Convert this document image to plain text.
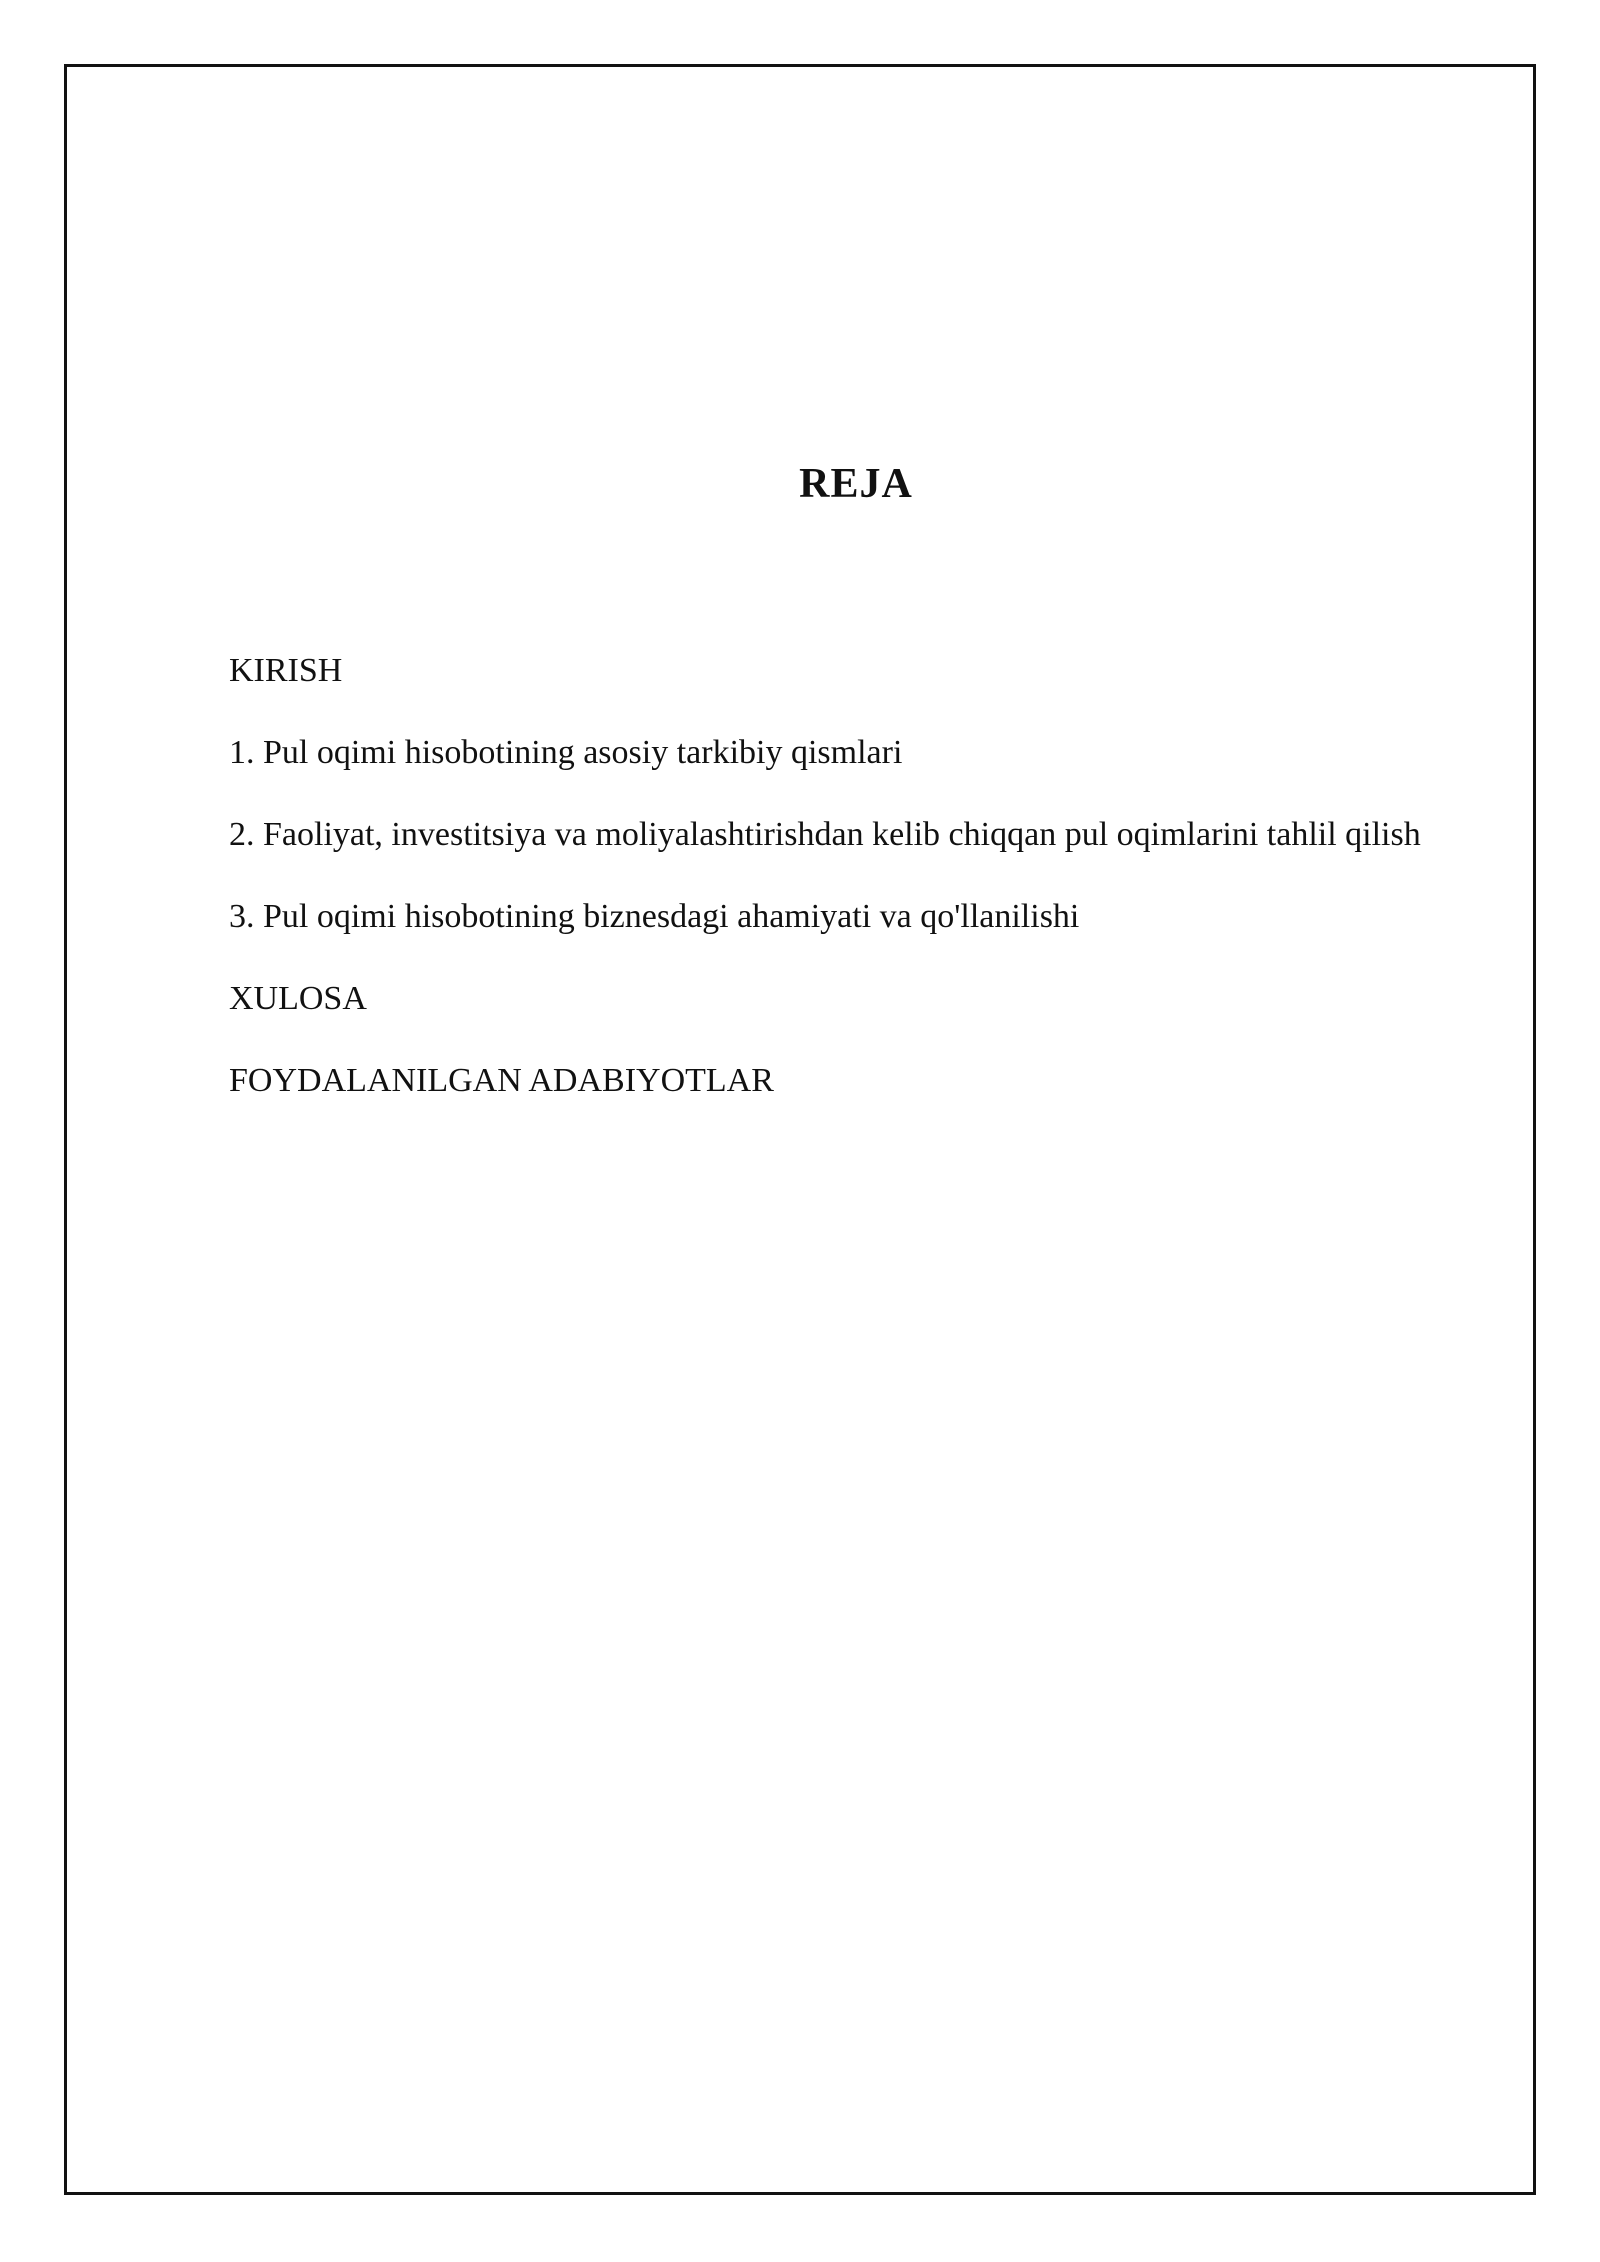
REJA
KIRISH
1. Pul oqimi hisobotining asosiy tarkibiy qismlari
2. Faoliyat, investitsiya va moliyalashtirishdan kelib chiqqan pul oqimlarini tahlil qilish
3. Pul oqimi hisobotining biznesdagi ahamiyati va qo'llanilishi
XULOSA
FOYDALANILGAN ADABIYOTLAR
